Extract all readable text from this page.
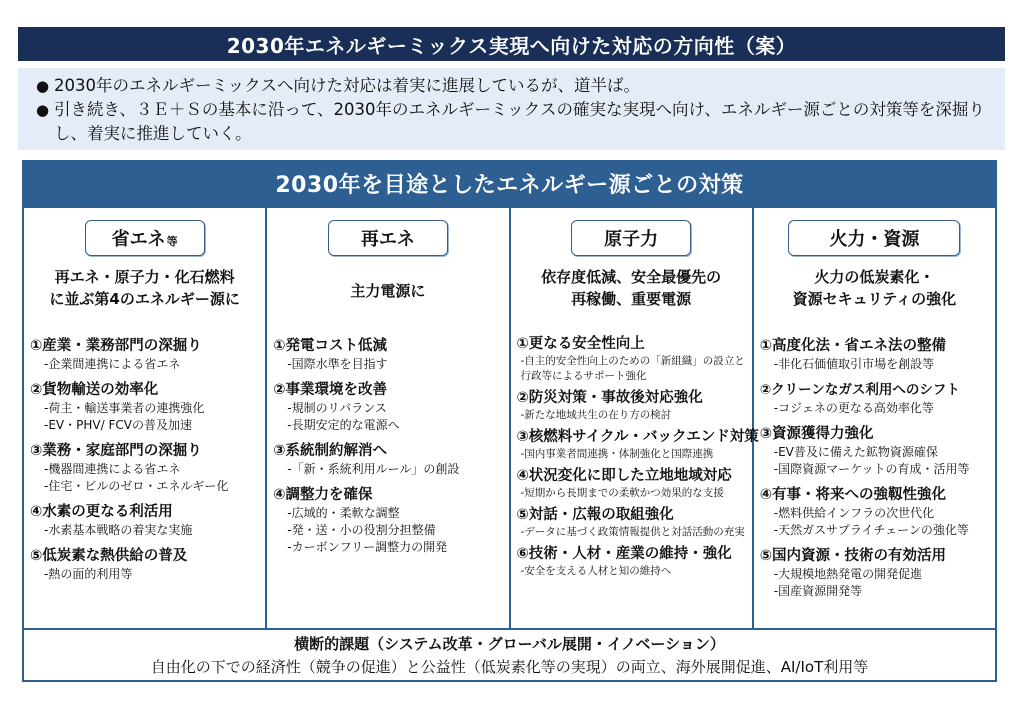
2030年エネルギーミックス実現へ向けた対応の方向性（案）
● 2030年のエネルギーミックスへ向けた対応は着実に進展しているが、道半ば。
● 引き続き、３Ｅ＋Ｓの基本に沿って、2030年のエネルギーミックスの確実な実現へ向け、エネルギー源ごとの対策等を深掘りし、着実に推進していく。
2030年を目途としたエネルギー源ごとの対策
省エネ 等
再エネ・原子力・化石燃料
に並ぶ第4のエネルギー源に
①産業・業務部門の深掘り
-企業間連携による省エネ
②貨物輸送の効率化
-荷主・輸送事業者の連携強化
-EV・PHV/ FCVの普及加速
③業務・家庭部門の深掘り
-機器間連携による省エネ
-住宅・ビルのゼロ・エネルギー化
④水素の更なる利活用
-水素基本戦略の着実な実施
⑤低炭素な熱供給の普及
-熱の面的利用等
再エネ
主力電源に
①発電コスト低減
-国際水準を目指す
②事業環境を改善
-規制のリバランス
-長期安定的な電源へ
③系統制約解消へ
-「新・系統利用ルール」の創設
④調整力を確保
-広域的・柔軟な調整
-発・送・小の役割分担整備
-カーボンフリー調整力の開発
原子力
依存度低減、安全最優先の
再稼働、重要電源
①更なる安全性向上
-自主的安全性向上のための「新組織」の設立と
行政等によるサポート強化
②防災対策・事故後対応強化
-新たな地域共生の在り方の検討
③核燃料サイクル・バックエンド対策
-国内事業者間連携・体制強化と国際連携
④状況変化に即した立地地域対応
-短期から長期までの柔軟かつ効果的な支援
⑤対話・広報の取組強化
-データに基づく政策情報提供と対話活動の充実
⑥技術・人材・産業の維持・強化
-安全を支える人材と知の維持へ
火力・資源
火力の低炭素化・
資源セキュリティの強化
①高度化法・省エネ法の整備
-非化石価値取引市場を創設等
②クリーンなガス利用へのシフト
-コジェネの更なる高効率化等
③資源獲得力強化
-EV普及に備えた鉱物資源確保
-国際資源マーケットの育成・活用等
④有事・将来への強靱性強化
-燃料供給インフラの次世代化
-天然ガスサプライチェーンの強化等
⑤国内資源・技術の有効活用
-大規模地熱発電の開発促進
-国産資源開発等
横断的課題（システム改革・グローバル展開・イノベーション）
自由化の下での経済性（競争の促進）と公益性（低炭素化等の実現）の両立、海外展開促進、AI/IoT利用等
